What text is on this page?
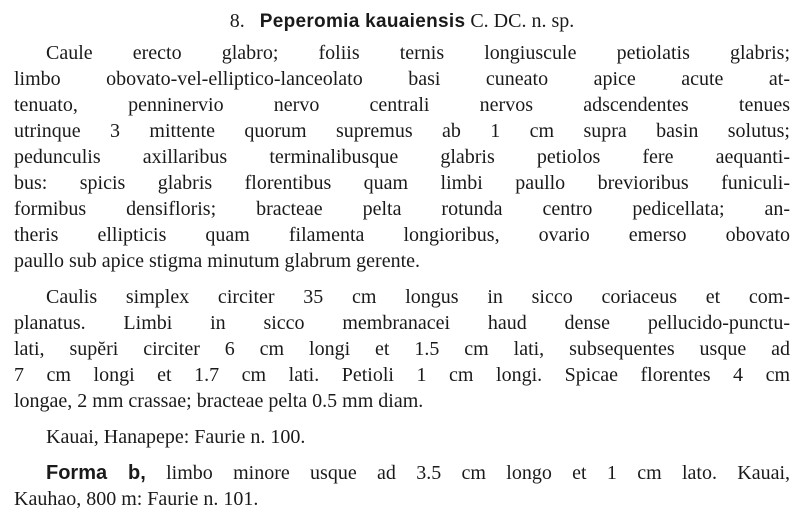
8. Peperomia kauaiensis C. DC. n. sp.
Caule erecto glabro; foliis ternis longiuscule petiolatis glabris;
limbo obovato-vel-elliptico-lanceolato basi cuneato apice acute at-
tenuato, penninervio nervo centrali nervos adscendentes tenues
utrinque 3 mittente quorum supremus ab 1 cm supra basin solutus;
pedunculis axillaribus terminalibusque glabris petiolos fere aequanti-
bus: spicis glabris florentibus quam limbi paullo brevioribus funiculi-
formibus densifloris; bracteae pelta rotunda centro pedicellata; an-
theris ellipticis quam filamenta longioribus, ovario emerso obovato
paullo sub apice stigma minutum glabrum gerente.
Caulis simplex circiter 35 cm longus in sicco coriaceus et com-
planatus. Limbi in sicco membranacei haud dense pellucido-punctu-
lati, supĕri circiter 6 cm longi et 1.5 cm lati, subsequentes usque ad
7 cm longi et 1.7 cm lati. Petioli 1 cm longi. Spicae florentes 4 cm
longae, 2 mm crassae; bracteae pelta 0.5 mm diam.
Kauai, Hanapepe: Faurie n. 100.
Forma b, limbo minore usque ad 3.5 cm longo et 1 cm lato. Kauai,
Kauhao, 800 m: Faurie n. 101.
